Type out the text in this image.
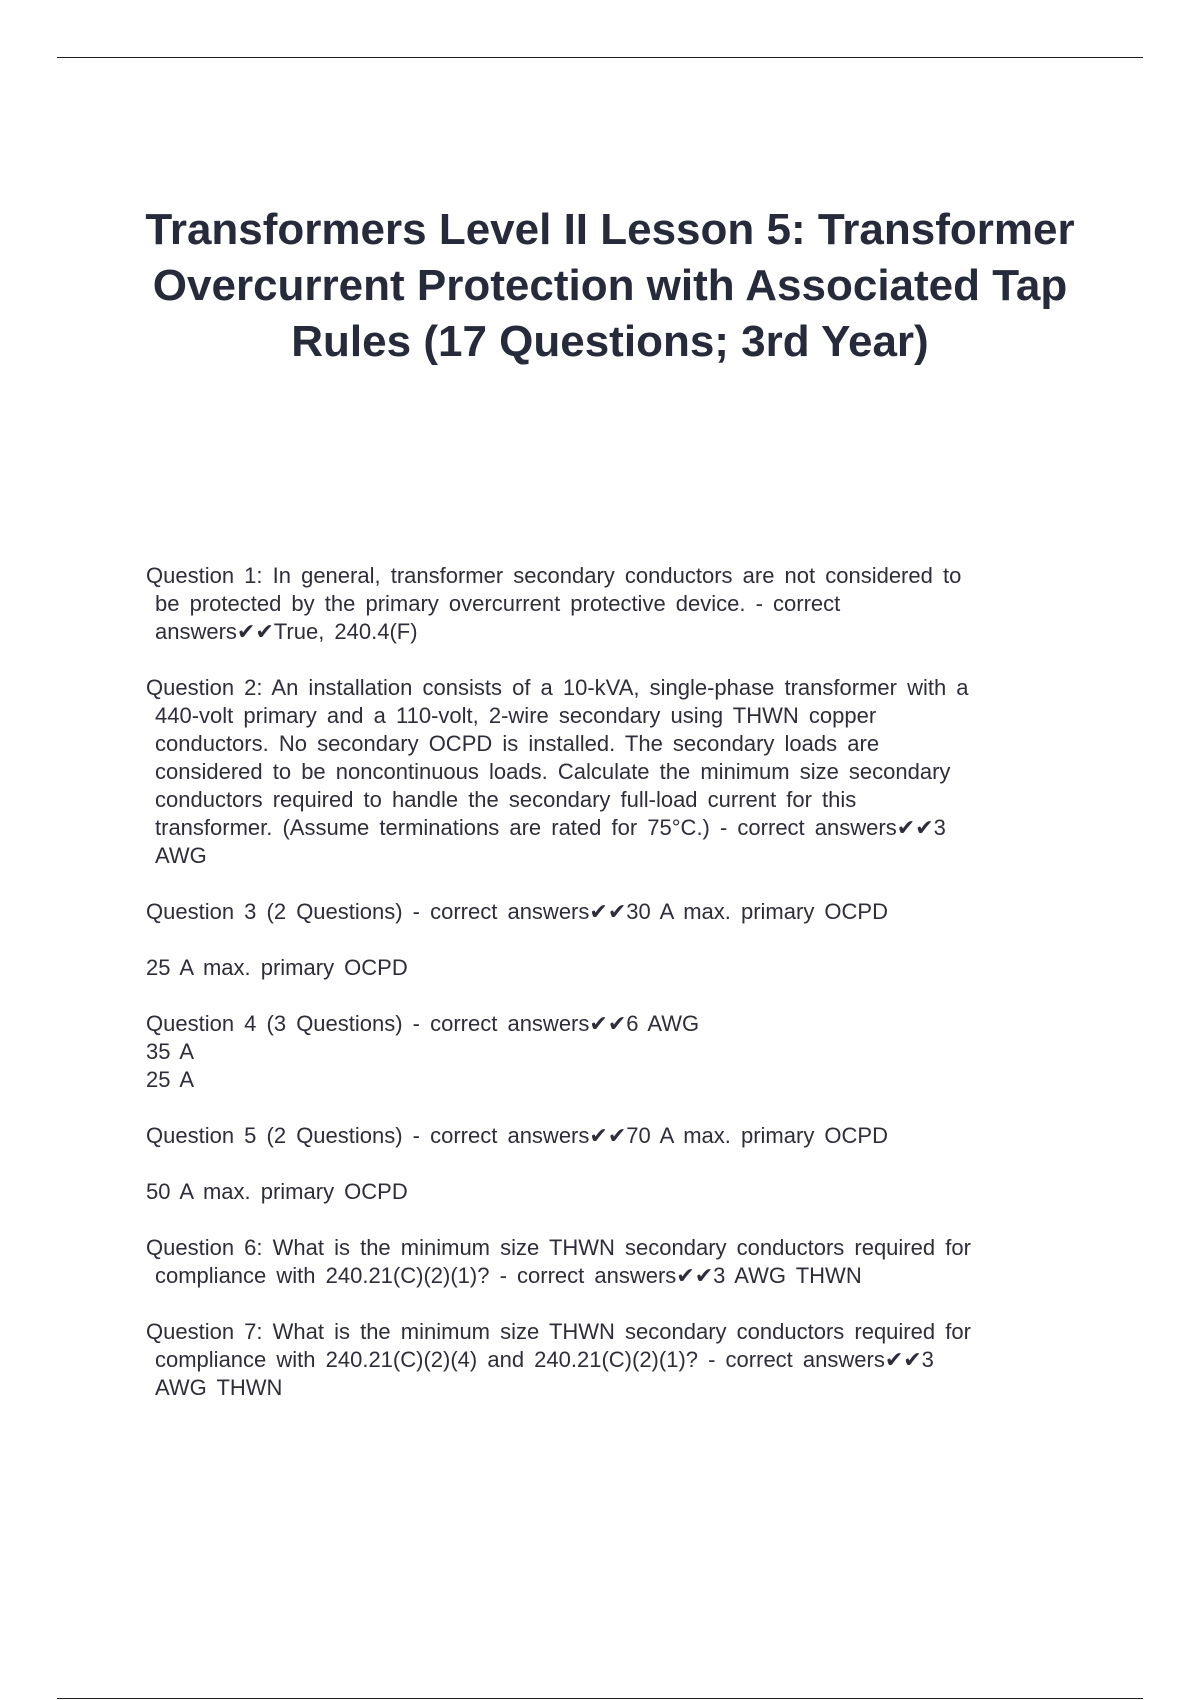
Transformers Level II Lesson 5: Transformer Overcurrent Protection with Associated Tap Rules (17 Questions; 3rd Year)

Question 1: In general, transformer secondary conductors are not considered to
be protected by the primary overcurrent protective device. - correct
answers✔✔True, 240.4(F)

Question 2: An installation consists of a 10-kVA, single-phase transformer with a
440-volt primary and a 110-volt, 2-wire secondary using THWN copper
conductors. No secondary OCPD is installed. The secondary loads are
considered to be noncontinuous loads. Calculate the minimum size secondary
conductors required to handle the secondary full-load current for this
transformer. (Assume terminations are rated for 75°C.) - correct answers✔✔3
AWG

Question 3 (2 Questions) - correct answers✔✔30 A max. primary OCPD

25 A max. primary OCPD

Question 4 (3 Questions) - correct answers✔✔6 AWG
35 A
25 A

Question 5 (2 Questions) - correct answers✔✔70 A max. primary OCPD

50 A max. primary OCPD

Question 6: What is the minimum size THWN secondary conductors required for
compliance with 240.21(C)(2)(1)? - correct answers✔✔3 AWG THWN

Question 7: What is the minimum size THWN secondary conductors required for
compliance with 240.21(C)(2)(4) and 240.21(C)(2)(1)? - correct answers✔✔3
AWG THWN
